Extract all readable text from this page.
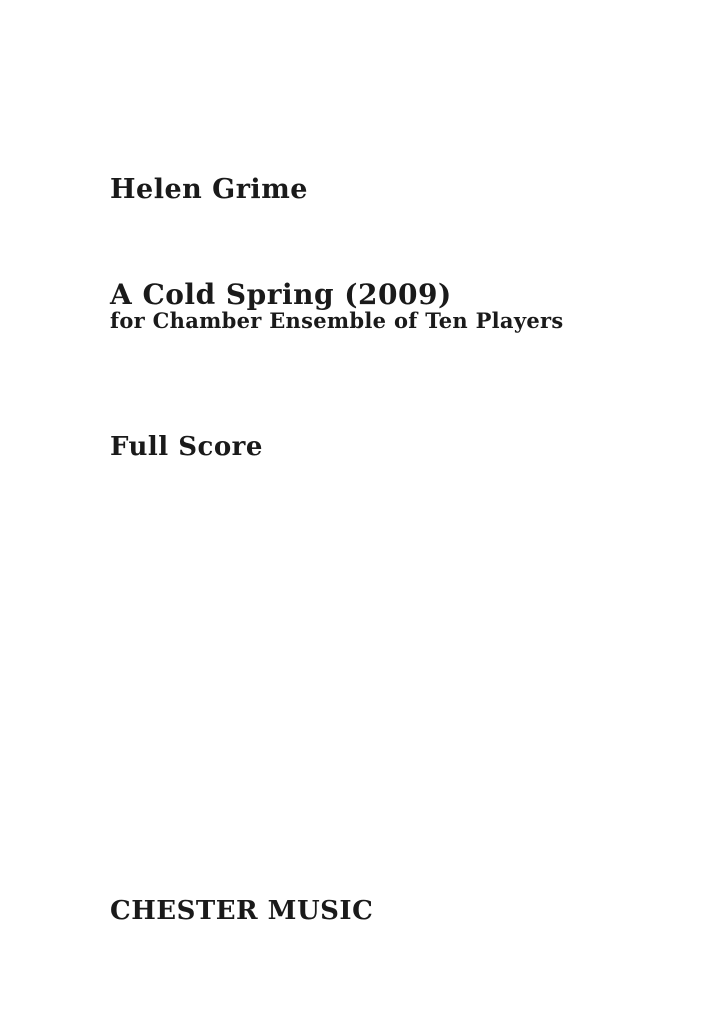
Helen Grime
A Cold Spring (2009)
for Chamber Ensemble of Ten Players
Full Score
CHESTER MUSIC
